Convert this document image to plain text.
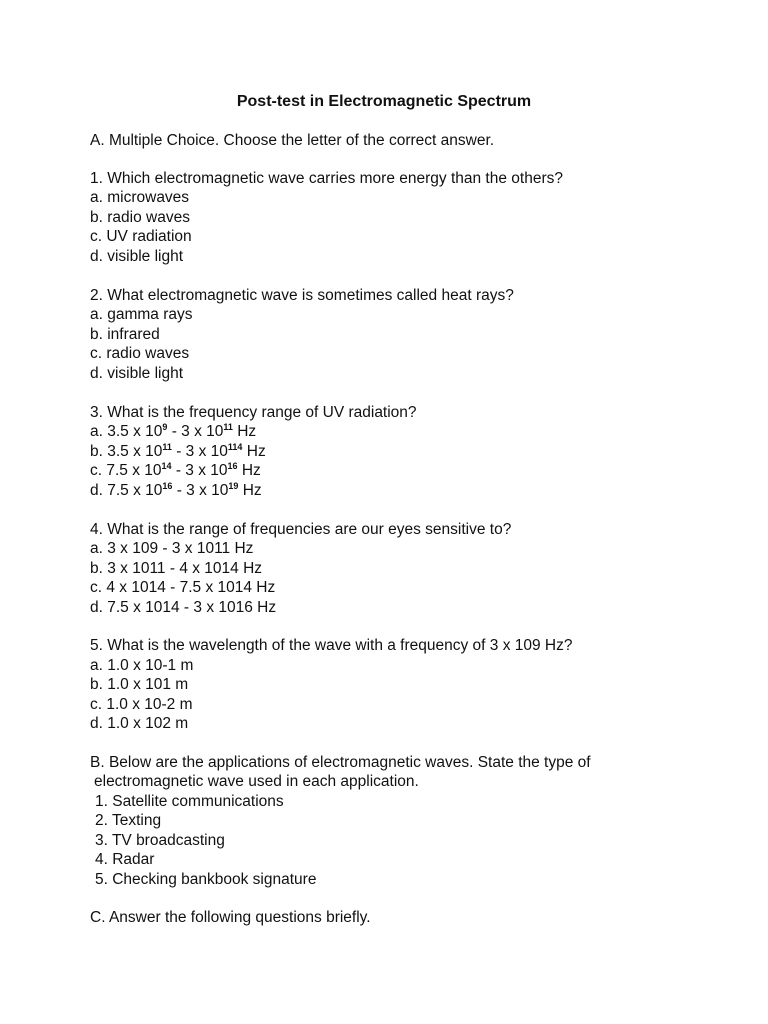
Post-test in Electromagnetic Spectrum
A. Multiple Choice. Choose the letter of the correct answer.
1. Which electromagnetic wave carries more energy than the others?
a. microwaves
b. radio waves
c. UV radiation
d. visible light
2. What electromagnetic wave is sometimes called heat rays?
a. gamma rays
b. infrared
c. radio waves
d. visible light
3. What is the frequency range of UV radiation?
a. 3.5 x $10^9 - 3$ x $10^{11}$ Hz
b. 3.5 x $10^{11} - 3$ x $10^{114}$ Hz
c. 7.5 x $10^{14} - 3$ x $10^{16}$ Hz
d. 7.5 x $10^{16} - 3$ x $10^{19}$ Hz
4. What is the range of frequencies are our eyes sensitive to?
a. 3 x 109 - 3 x 1011 Hz
b. 3 x 1011 - 4 x 1014 Hz
c. 4 x 1014 - 7.5 x 1014 Hz
d. 7.5 x 1014 - 3 x 1016 Hz
5. What is the wavelength of the wave with a frequency of 3 x 109 Hz?
a. 1.0 x 10-1 m
b. 1.0 x 101 m
c. 1.0 x 10-2 m
d. 1.0 x 102 m
B. Below are the applications of electromagnetic waves. State the type of
electromagnetic wave used in each application.
1. Satellite communications
2. Texting
3. TV broadcasting
4. Radar
5. Checking bankbook signature
C. Answer the following questions briefly.
